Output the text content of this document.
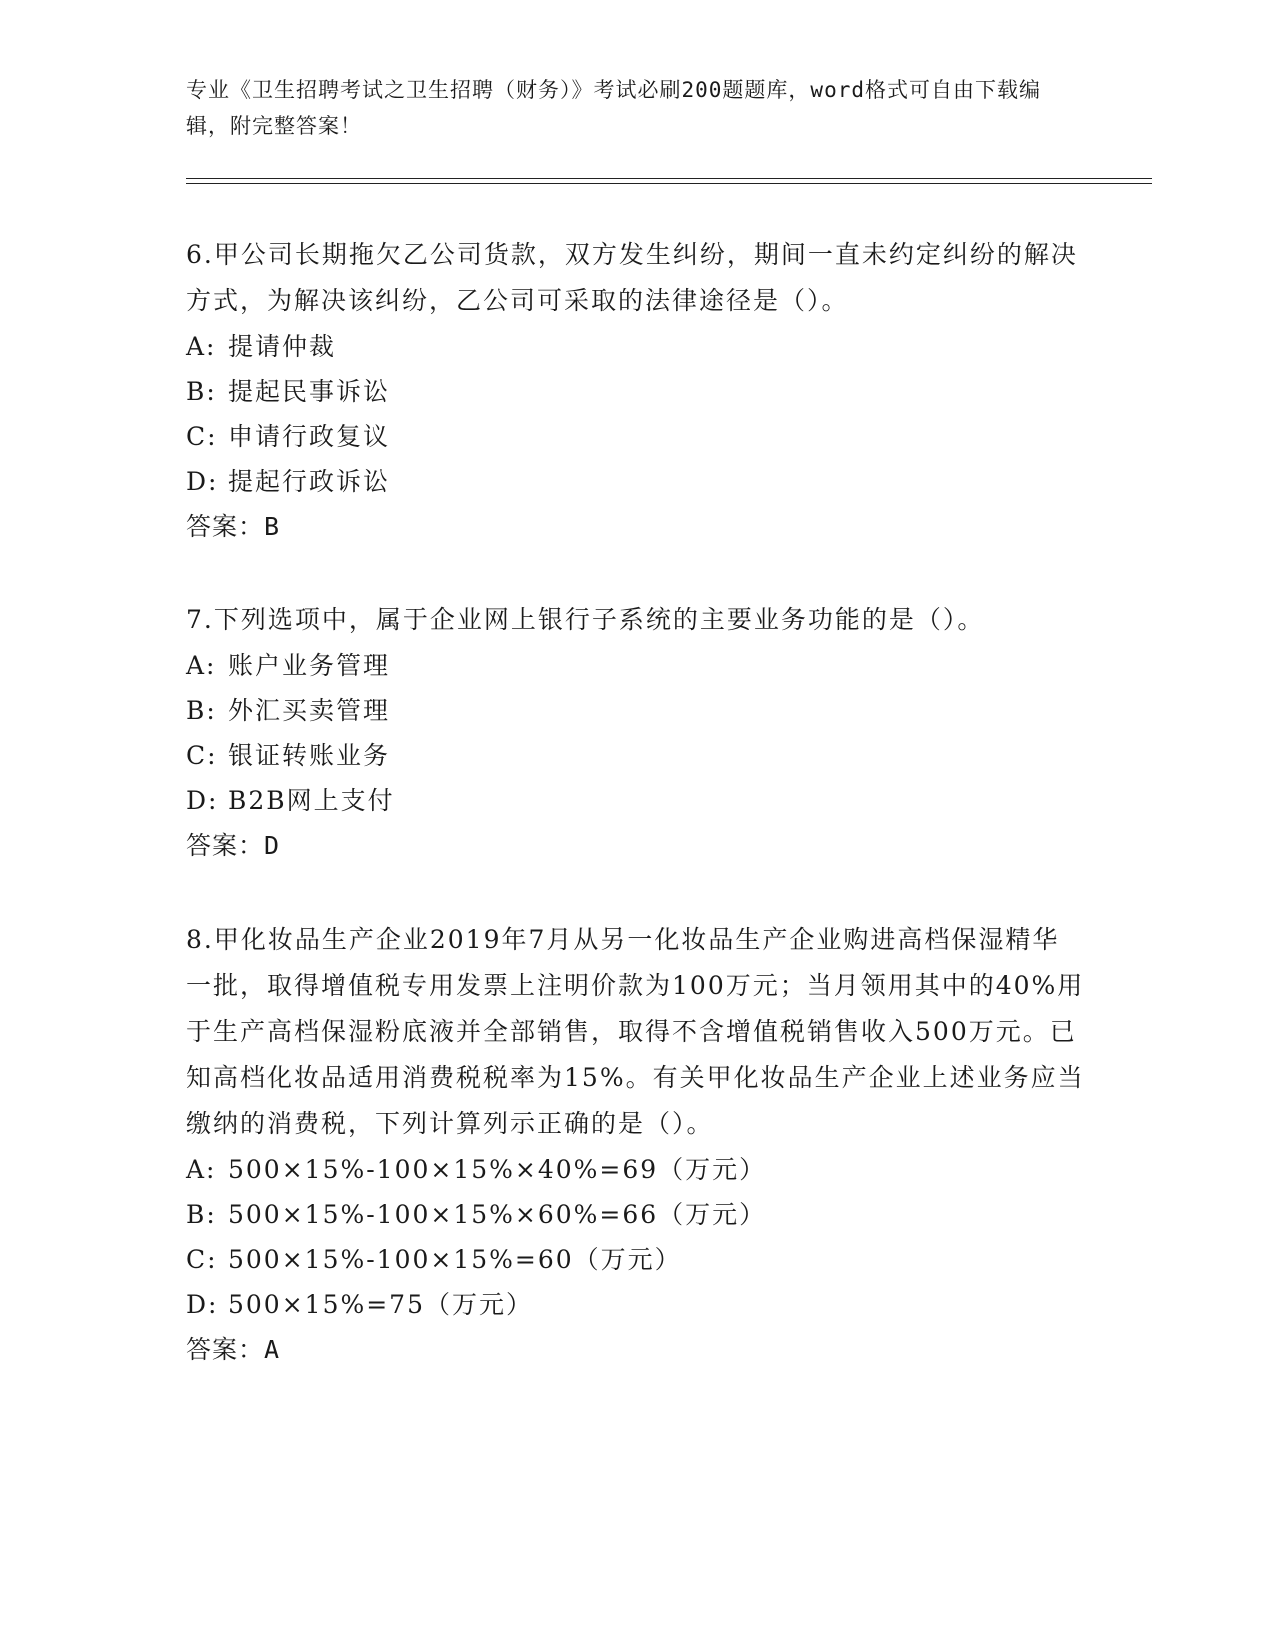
专业《卫生招聘考试之卫生招聘（财务）》考试必刷200题题库，word格式可自由下载编辑，附完整答案！

6.甲公司长期拖欠乙公司货款，双方发生纠纷，期间一直未约定纠纷的解决方式，为解决该纠纷，乙公司可采取的法律途径是（）。

A: 提请仲裁
B: 提起民事诉讼
C: 申请行政复议
D: 提起行政诉讼

答案：B

7.下列选项中，属于企业网上银行子系统的主要业务功能的是（）。

A: 账户业务管理
B: 外汇买卖管理
C: 银证转账业务
D: B2B网上支付

答案：D

8.甲化妆品生产企业2019年7月从另一化妆品生产企业购进高档保湿精华一批，取得增值税专用发票上注明价款为100万元；当月领用其中的40%用于生产高档保湿粉底液并全部销售，取得不含增值税销售收入500万元。已知高档化妆品适用消费税税率为15%。有关甲化妆品生产企业上述业务应当缴纳的消费税，下列计算列示正确的是（）。

A: 500×15%-100×15%×40%=69（万元）
B: 500×15%-100×15%×60%=66（万元）
C: 500×15%-100×15%=60（万元）
D: 500×15%=75（万元）

答案：A
